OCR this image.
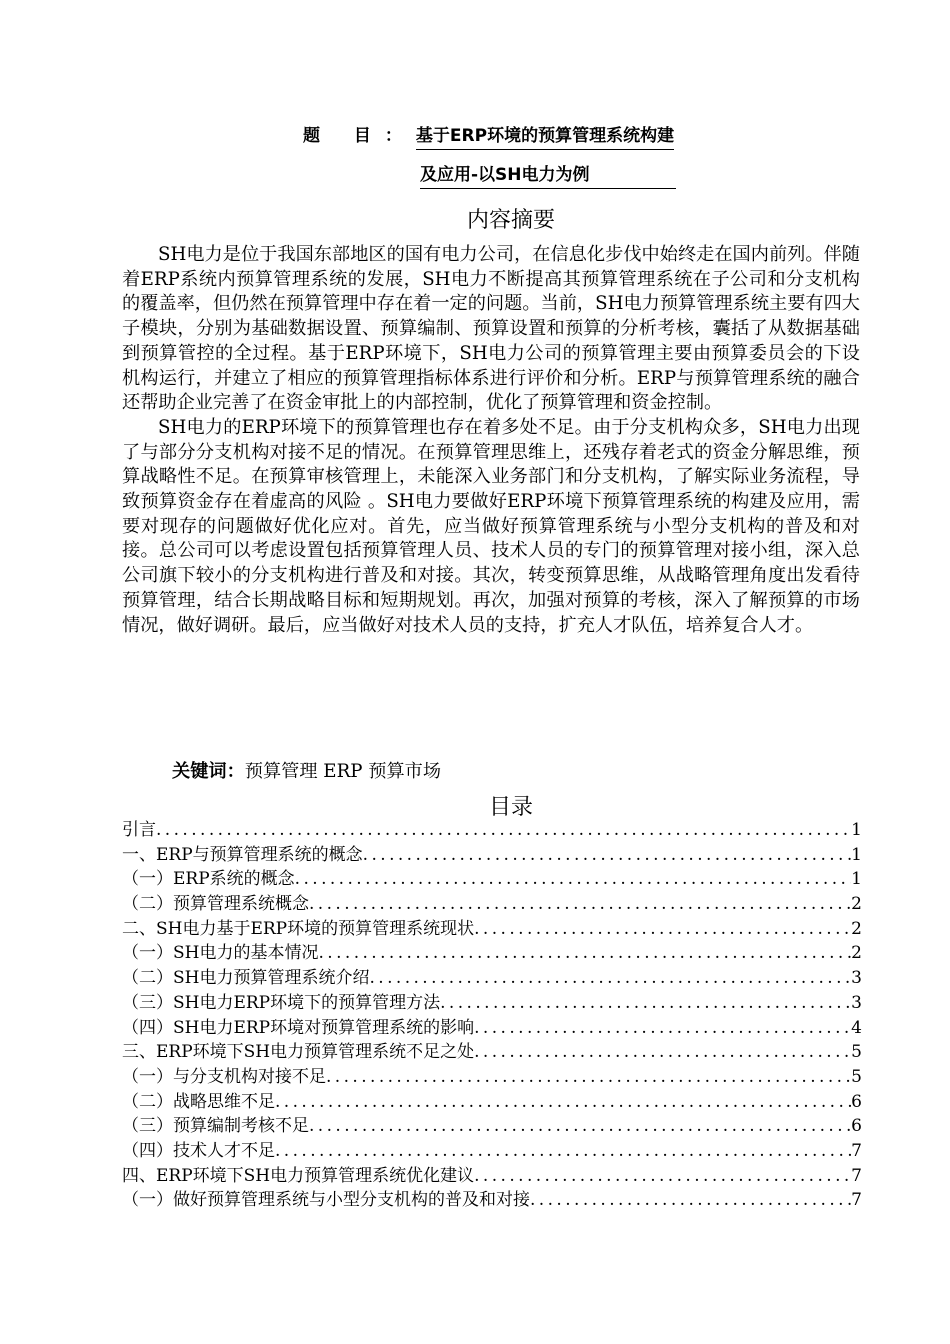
题 目：基于ERP环境的预算管理系统构建
及应用-以SH电力为例
内容摘要

SH电力是位于我国东部地区的国有电力公司，在信息化步伐中始终走在国内前列。伴随着ERP系统内预算管理系统的发展，SH电力不断提高其预算管理系统在子公司和分支机构的覆盖率，但仍然在预算管理中存在着一定的问题。当前，SH电力预算管理系统主要有四大子模块，分别为基础数据设置、预算编制、预算设置和预算的分析考核，囊括了从数据基础到预算管控的全过程。基于ERP环境下，SH电力公司的预算管理主要由预算委员会的下设机构运行，并建立了相应的预算管理指标体系进行评价和分析。ERP与预算管理系统的融合还帮助企业完善了在资金审批上的内部控制，优化了预算管理和资金控制。

SH电力的ERP环境下的预算管理也存在着多处不足。由于分支机构众多，SH电力出现了与部分分支机构对接不足的情况。在预算管理思维上，还残存着老式的资金分解思维，预算战略性不足。在预算审核管理上，未能深入业务部门和分支机构，了解实际业务流程，导致预算资金存在着虚高的风险 。SH电力要做好ERP环境下预算管理系统的构建及应用，需要对现存的问题做好优化应对。首先，应当做好预算管理系统与小型分支机构的普及和对接。总公司可以考虑设置包括预算管理人员、技术人员的专门的预算管理对接小组，深入总公司旗下较小的分支机构进行普及和对接。其次，转变预算思维，从战略管理角度出发看待预算管理，结合长期战略目标和短期规划。再次，加强对预算的考核，深入了解预算的市场情况，做好调研。最后，应当做好对技术人员的支持，扩充人才队伍，培养复合人才。

关键词：预算管理 ERP 预算市场
目录
引言 .....	1
一、ERP与预算管理系统的概念 .....	1
（一）ERP系统的概念 .....	1
（二）预算管理系统概念 .....	2
二、SH电力基于ERP环境的预算管理系统现状 .....	2
（一）SH电力的基本情况 .....	2
（二）SH电力预算管理系统介绍 .....	3
（三）SH电力ERP环境下的预算管理方法 .....	3
（四）SH电力ERP环境对预算管理系统的影响 .....	4
三、ERP环境下SH电力预算管理系统不足之处 .....	5
（一）与分支机构对接不足 .....	5
（二）战略思维不足 .....	6
（三）预算编制考核不足 .....	6
（四）技术人才不足 .....	7
四、ERP环境下SH电力预算管理系统优化建议 .....	7
（一）做好预算管理系统与小型分支机构的普及和对接 .....	7
